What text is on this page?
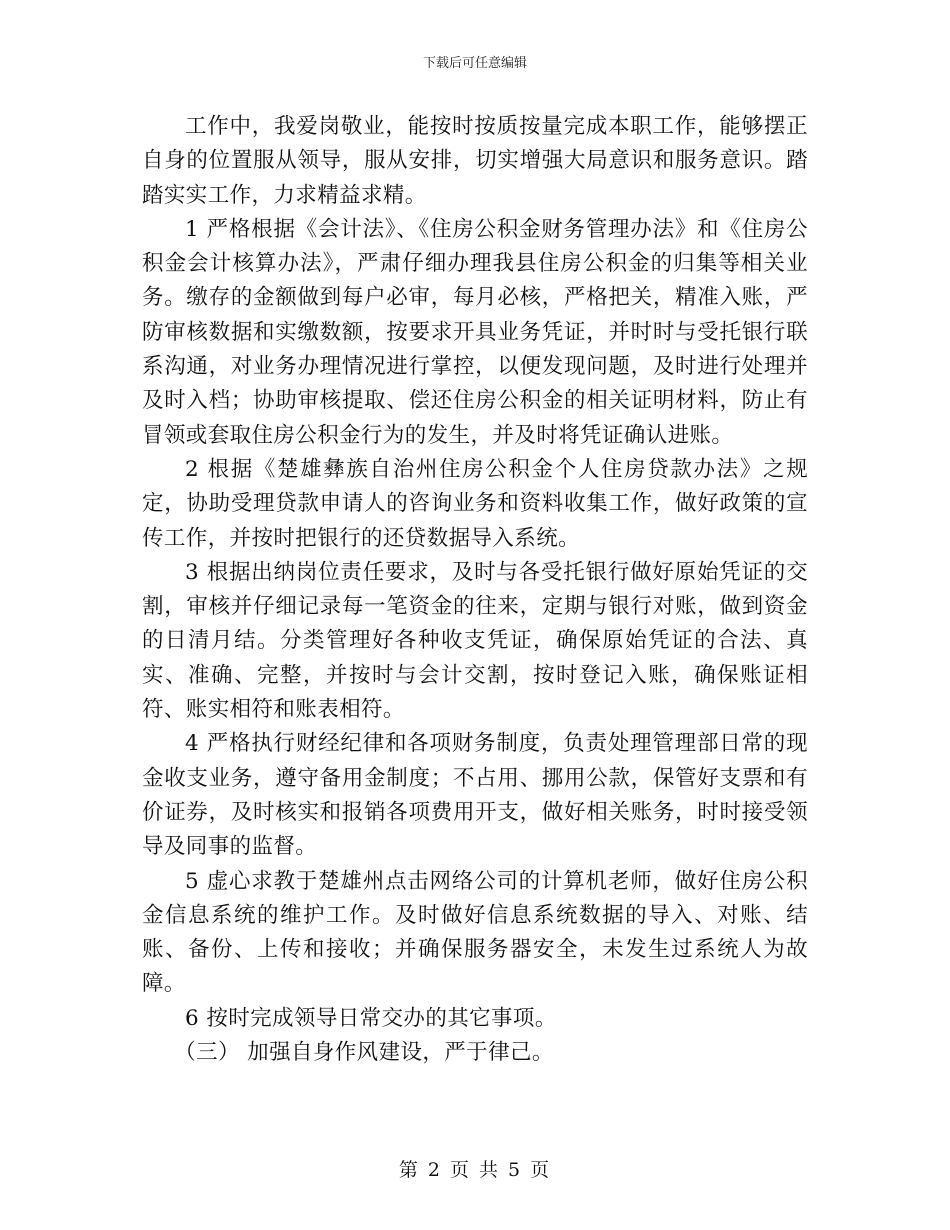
下载后可任意编辑

工作中，我爱岗敬业，能按时按质按量完成本职工作，能够摆正自身的位置服从领导，服从安排，切实增强大局意识和服务意识。踏踏实实工作，力求精益求精。

1 严格根据《会计法》、《住房公积金财务管理办法》和《住房公积金会计核算办法》，严肃仔细办理我县住房公积金的归集等相关业务。缴存的金额做到每户必审，每月必核，严格把关，精准入账，严防审核数据和实缴数额，按要求开具业务凭证，并时时与受托银行联系沟通，对业务办理情况进行掌控，以便发现问题，及时进行处理并及时入档；协助审核提取、偿还住房公积金的相关证明材料，防止有冒领或套取住房公积金行为的发生，并及时将凭证确认进账。

2 根据《楚雄彝族自治州住房公积金个人住房贷款办法》之规定，协助受理贷款申请人的咨询业务和资料收集工作，做好政策的宣传工作，并按时把银行的还贷数据导入系统。

3 根据出纳岗位责任要求，及时与各受托银行做好原始凭证的交割，审核并仔细记录每一笔资金的往来，定期与银行对账，做到资金的日清月结。分类管理好各种收支凭证，确保原始凭证的合法、真实、准确、完整，并按时与会计交割，按时登记入账，确保账证相符、账实相符和账表相符。

4 严格执行财经纪律和各项财务制度，负责处理管理部日常的现金收支业务，遵守备用金制度；不占用、挪用公款，保管好支票和有价证券，及时核实和报销各项费用开支，做好相关账务，时时接受领导及同事的监督。

5 虚心求教于楚雄州点击网络公司的计算机老师，做好住房公积金信息系统的维护工作。及时做好信息系统数据的导入、对账、结账、备份、上传和接收；并确保服务器安全，未发生过系统人为故障。

6 按时完成领导日常交办的其它事项。

（三） 加强自身作风建设，严于律己。

第 2 页 共 5 页
